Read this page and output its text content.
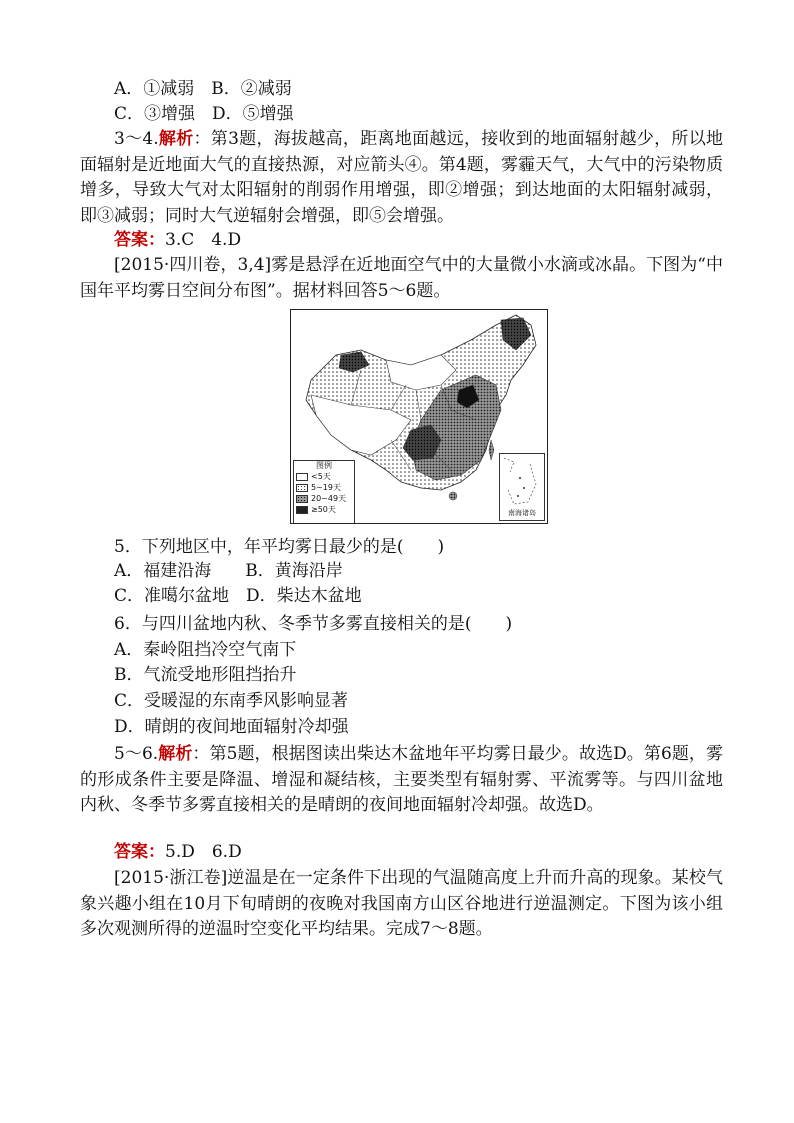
A．①减弱　B．②减弱
C．③增强　D．⑤增强
3～4.解析：第3题，海拔越高，距离地面越远，接收到的地面辐射越少，所以地面辐射是近地面大气的直接热源，对应箭头④。第4题，雾霾天气，大气中的污染物质增多，导致大气对太阳辐射的削弱作用增强，即②增强；到达地面的太阳辐射减弱，即③减弱；同时大气逆辐射会增强，即⑤会增强。
答案：3.C　4.D
[2015·四川卷，3,4]雾是悬浮在近地面空气中的大量微小水滴或冰晶。下图为“中国年平均雾日空间分布图”。据材料回答5～6题。
图例
<5天
5~19天
20~49天
≥50天	南海诸岛
5．下列地区中，年平均雾日最少的是(　　)
A．福建沿海　　B．黄海沿岸
C．准噶尔盆地　D．柴达木盆地
6．与四川盆地内秋、冬季节多雾直接相关的是(　　)
A．秦岭阻挡冷空气南下
B．气流受地形阻挡抬升
C．受暖湿的东南季风影响显著
D．晴朗的夜间地面辐射冷却强
5～6.解析：第5题，根据图读出柴达木盆地年平均雾日最少。故选D。第6题，雾的形成条件主要是降温、增湿和凝结核，主要类型有辐射雾、平流雾等。与四川盆地内秋、冬季节多雾直接相关的是晴朗的夜间地面辐射冷却强。故选D。
答案：5.D　6.D
[2015·浙江卷]逆温是在一定条件下出现的气温随高度上升而升高的现象。某校气象兴趣小组在10月下旬晴朗的夜晚对我国南方山区谷地进行逆温测定。下图为该小组多次观测所得的逆温时空变化平均结果。完成7～8题。
